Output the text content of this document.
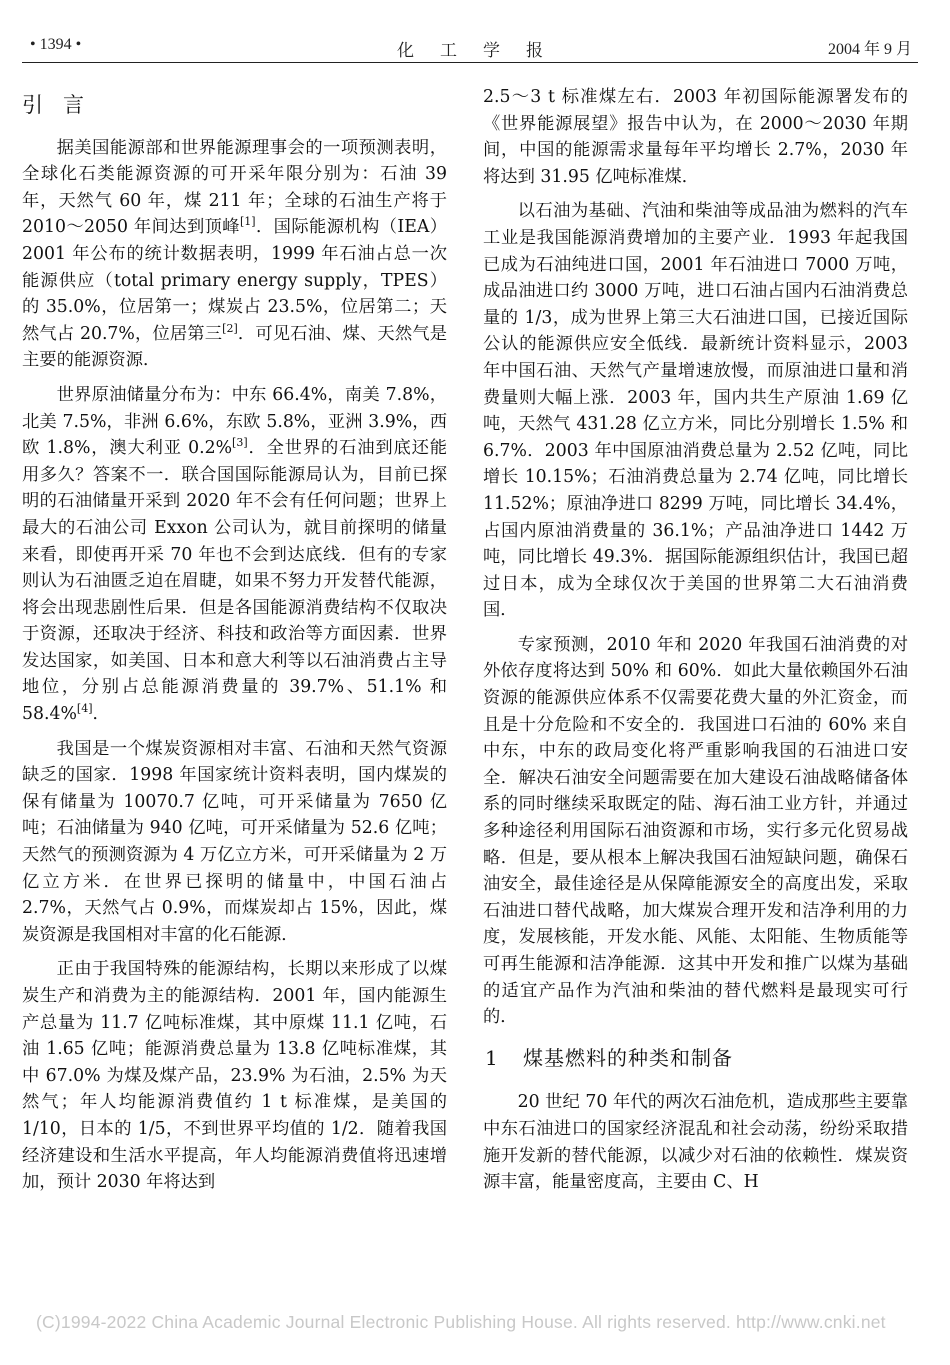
• 1394 •	化工学报	2004 年 9 月
引言

据美国能源部和世界能源理事会的一项预测表明，全球化石类能源资源的可开采年限分别为：石油 39 年，天然气 60 年，煤 211 年；全球的石油生产将于 2010～2050 年间达到顶峰[1]．国际能源机构（IEA）2001 年公布的统计数据表明，1999 年石油占总一次能源供应（total primary energy supply，TPES）的 35.0%，位居第一；煤炭占 23.5%，位居第二；天然气占 20.7%，位居第三[2]．可见石油、煤、天然气是主要的能源资源．

世界原油储量分布为：中东 66.4%，南美 7.8%，北美 7.5%，非洲 6.6%，东欧 5.8%，亚洲 3.9%，西欧 1.8%，澳大利亚 0.2%[3]．全世界的石油到底还能用多久？答案不一．联合国国际能源局认为，目前已探明的石油储量开采到 2020 年不会有任何问题；世界上最大的石油公司 Exxon 公司认为，就目前探明的储量来看，即使再开采 70 年也不会到达底线．但有的专家则认为石油匮乏迫在眉睫，如果不努力开发替代能源，将会出现悲剧性后果．但是各国能源消费结构不仅取决于资源，还取决于经济、科技和政治等方面因素．世界发达国家，如美国、日本和意大利等以石油消费占主导地位，分别占总能源消费量的 39.7%、51.1% 和 58.4%[4]．

我国是一个煤炭资源相对丰富、石油和天然气资源缺乏的国家．1998 年国家统计资料表明，国内煤炭的保有储量为 10070.7 亿吨，可开采储量为 7650 亿吨；石油储量为 940 亿吨，可开采储量为 52.6 亿吨；天然气的预测资源为 4 万亿立方米，可开采储量为 2 万亿立方米．在世界已探明的储量中，中国石油占 2.7%，天然气占 0.9%，而煤炭却占 15%，因此，煤炭资源是我国相对丰富的化石能源．

正由于我国特殊的能源结构，长期以来形成了以煤炭生产和消费为主的能源结构．2001 年，国内能源生产总量为 11.7 亿吨标准煤，其中原煤 11.1 亿吨，石油 1.65 亿吨；能源消费总量为 13.8 亿吨标准煤，其中 67.0% 为煤及煤产品，23.9% 为石油，2.5% 为天然气；年人均能源消费值约 1 t 标准煤，是美国的 1/10，日本的 1/5，不到世界平均值的 1/2．随着我国经济建设和生活水平提高，年人均能源消费值将迅速增加，预计 2030 年将达到

2.5～3 t 标准煤左右．2003 年初国际能源署发布的《世界能源展望》报告中认为，在 2000～2030 年期间，中国的能源需求量每年平均增长 2.7%，2030 年将达到 31.95 亿吨标准煤．

以石油为基础、汽油和柴油等成品油为燃料的汽车工业是我国能源消费增加的主要产业．1993 年起我国已成为石油纯进口国，2001 年石油进口 7000 万吨，成品油进口约 3000 万吨，进口石油占国内石油消费总量的 1/3，成为世界上第三大石油进口国，已接近国际公认的能源供应安全低线．最新统计资料显示，2003 年中国石油、天然气产量增速放慢，而原油进口量和消费量则大幅上涨．2003 年，国内共生产原油 1.69 亿吨，天然气 431.28 亿立方米，同比分别增长 1.5% 和 6.7%．2003 年中国原油消费总量为 2.52 亿吨，同比增长 10.15%；石油消费总量为 2.74 亿吨，同比增长 11.52%；原油净进口 8299 万吨，同比增长 34.4%，占国内原油消费量的 36.1%；产品油净进口 1442 万吨，同比增长 49.3%．据国际能源组织估计，我国已超过日本，成为全球仅次于美国的世界第二大石油消费国．

专家预测，2010 年和 2020 年我国石油消费的对外依存度将达到 50% 和 60%．如此大量依赖国外石油资源的能源供应体系不仅需要花费大量的外汇资金，而且是十分危险和不安全的．我国进口石油的 60% 来自中东，中东的政局变化将严重影响我国的石油进口安全．解决石油安全问题需要在加大建设石油战略储备体系的同时继续采取既定的陆、海石油工业方针，并通过多种途径利用国际石油资源和市场，实行多元化贸易战略．但是，要从根本上解决我国石油短缺问题，确保石油安全，最佳途径是从保障能源安全的高度出发，采取石油进口替代战略，加大煤炭合理开发和洁净利用的力度，发展核能，开发水能、风能、太阳能、生物质能等可再生能源和洁净能源．这其中开发和推广以煤为基础的适宜产品作为汽油和柴油的替代燃料是最现实可行的．

1 煤基燃料的种类和制备

20 世纪 70 年代的两次石油危机，造成那些主要靠中东石油进口的国家经济混乱和社会动荡，纷纷采取措施开发新的替代能源，以减少对石油的依赖性．煤炭资源丰富，能量密度高，主要由 C、H

(C)1994-2022 China Academic Journal Electronic Publishing House. All rights reserved. http://www.cnki.net
